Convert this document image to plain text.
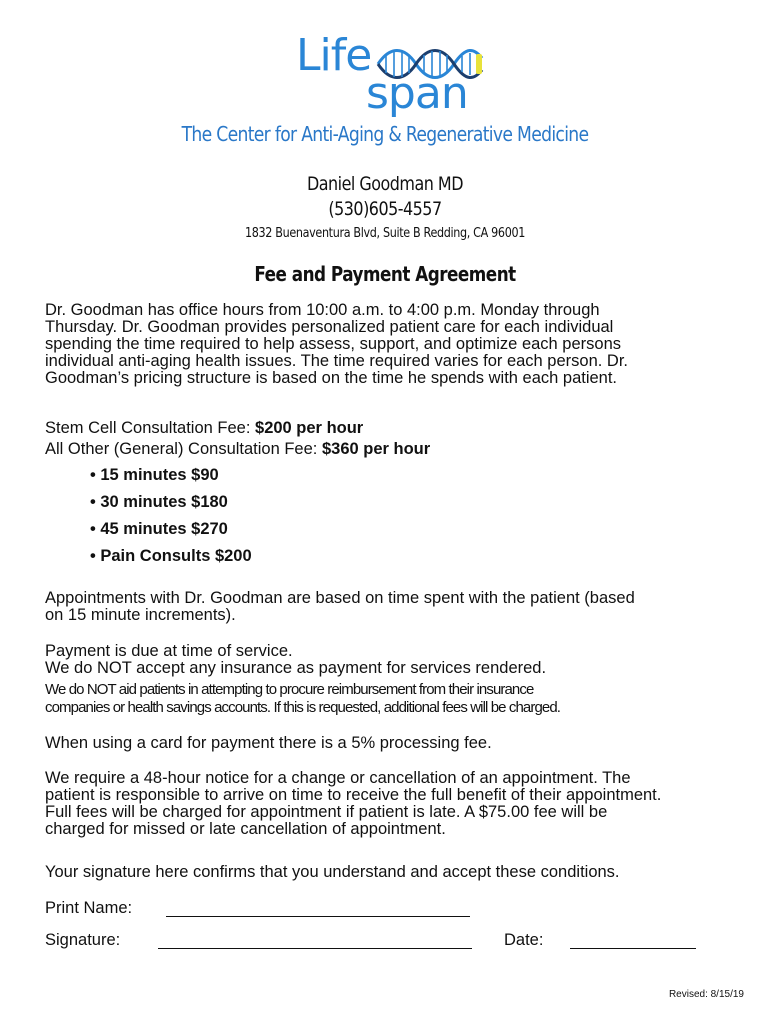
Life
span
The Center for Anti-Aging & Regenerative Medicine
Daniel Goodman MD
(530)605-4557
1832 Buenaventura Blvd, Suite B Redding, CA 96001
Fee and Payment Agreement

Dr. Goodman has office hours from 10:00 a.m. to 4:00 p.m. Monday through
Thursday. Dr. Goodman provides personalized patient care for each individual
spending the time required to help assess, support, and optimize each persons
individual anti-aging health issues. The time required varies for each person. Dr.
Goodman’s pricing structure is based on the time he spends with each patient.

Stem Cell Consultation Fee: $200 per hour
All Other (General) Consultation Fee: $360 per hour
• 15 minutes $90
• 30 minutes $180
• 45 minutes $270
• Pain Consults $200

Appointments with Dr. Goodman are based on time spent with the patient (based
on 15 minute increments).

Payment is due at time of service.
We do NOT accept any insurance as payment for services rendered.

We do NOT aid patients in attempting to procure reimbursement from their insurance
companies or health savings accounts. If this is requested, additional fees will be charged.

When using a card for payment there is a 5% processing fee.

We require a 48-hour notice for a change or cancellation of an appointment. The
patient is responsible to arrive on time to receive the full benefit of their appointment.
Full fees will be charged for appointment if patient is late. A $75.00 fee will be
charged for missed or late cancellation of appointment.

Your signature here confirms that you understand and accept these conditions.

Print Name:
Signature:	Date:
Revised: 8/15/19
